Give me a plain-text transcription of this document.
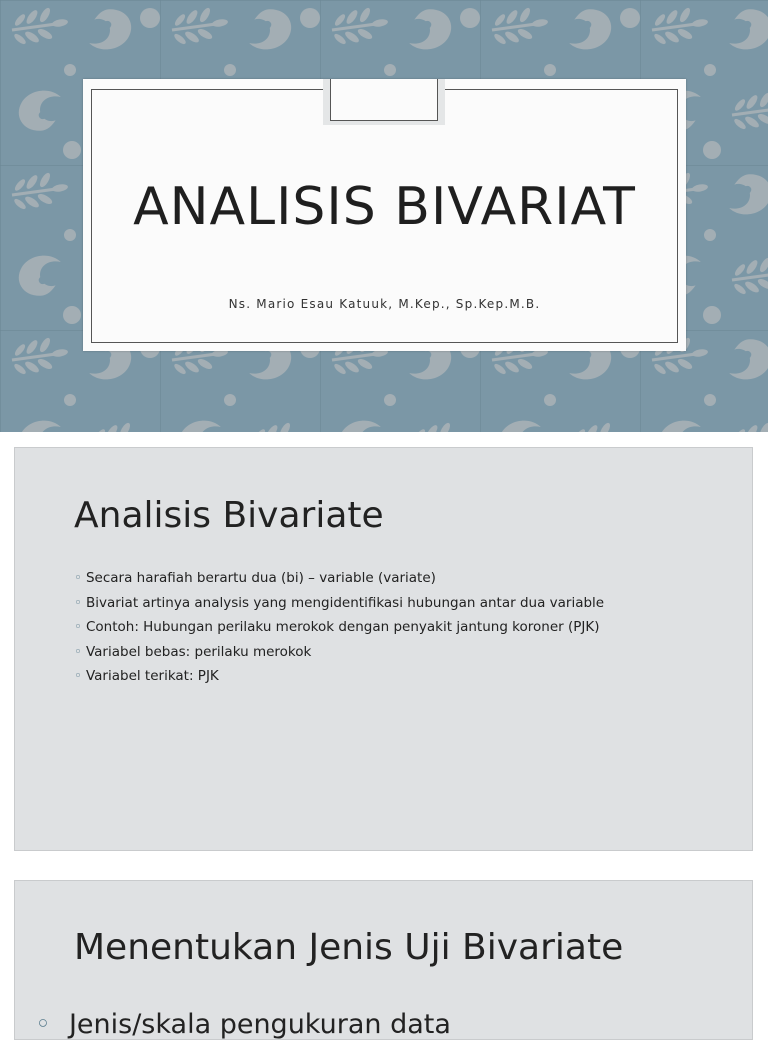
ANALISIS BIVARIAT
Ns. Mario Esau Katuuk, M.Kep., Sp.Kep.M.B.
Analisis Bivariate
◦ Secara harafiah berartu dua (bi) – variable (variate)
◦ Bivariat artinya analysis yang mengidentifikasi hubungan antar dua variable
◦ Contoh: Hubungan perilaku merokok dengan penyakit jantung koroner (PJK)
◦ Variabel bebas: perilaku merokok
◦ Variabel terikat: PJK
Menentukan Jenis Uji Bivariate
◦ Jenis/skala pengukuran data
